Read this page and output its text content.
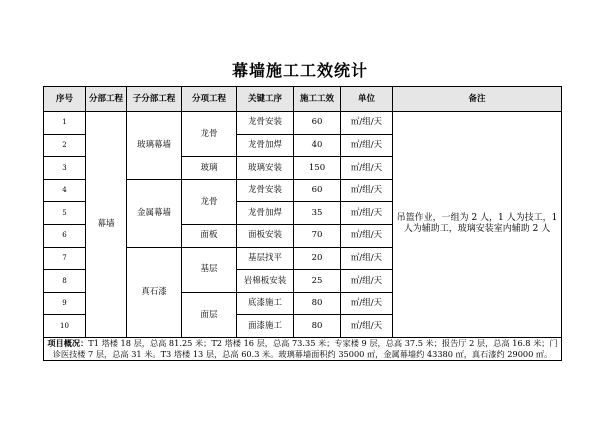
幕墙施工工效统计
序号	分部工程	子分部工程	分项工程	关键工序	施工工效	单位	备注
1	幕墙	玻璃幕墙	龙骨	龙骨安装	60	㎡/组/天	吊篮作业，一组为 2 人，1 人为技工，1 人为辅助工，玻璃安装室内辅助 2 人
2				龙骨加焊	40	㎡/组/天	
3			玻璃	玻璃安装	150	㎡/组/天	
4		金属幕墙	龙骨	龙骨安装	60	㎡/组/天	
5				龙骨加焊	35	㎡/组/天	
6			面板	面板安装	70	㎡/组/天	
7		真石漆	基层	基层找平	20	㎡/组/天	
8				岩棉板安装	25	㎡/组/天	
9			面层	底漆施工	80	㎡/组/天	
10				面漆施工	80	㎡/组/天	
项目概况：T1 塔楼 18 层，总高 81.25 米；T2 塔楼 16 层，总高 73.35 米；专家楼 9 层，总高 37.5 米；报告厅 2 层，总高 16.8 米；门诊医技楼 7 层，总高 31 米。T3 塔楼 13 层，总高 60.3 米。玻璃幕墙面积约 35000 ㎡，金属幕墙约 43380 ㎡，真石漆约 29000 ㎡。							
